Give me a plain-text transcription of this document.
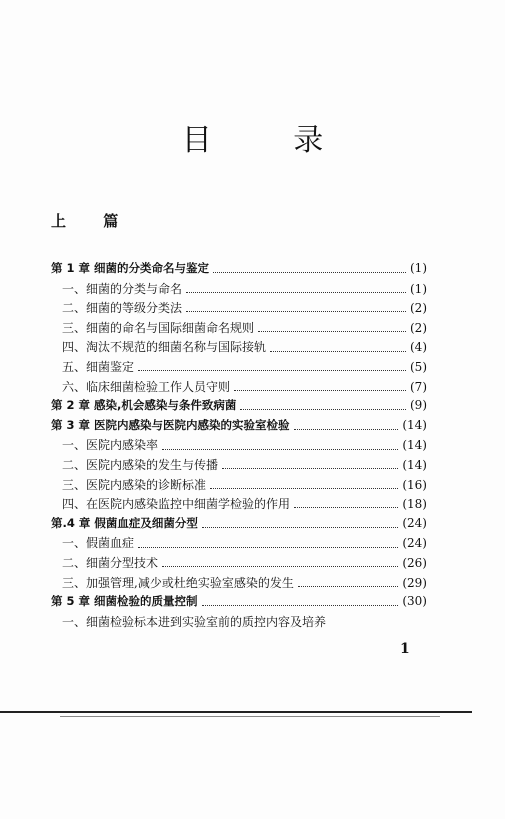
目 录
上 篇
第 1 章 细菌的分类命名与鉴定	(1)
一、细菌的分类与命名	(1)
二、细菌的等级分类法	(2)
三、细菌的命名与国际细菌命名规则	(2)
四、淘汰不规范的细菌名称与国际接轨	(4)
五、细菌鉴定	(5)
六、临床细菌检验工作人员守则	(7)
第 2 章 感染,机会感染与条件致病菌	(9)
第 3 章 医院内感染与医院内感染的实验室检验	(14)
一、医院内感染率	(14)
二、医院内感染的发生与传播	(14)
三、医院内感染的诊断标准	(16)
四、在医院内感染监控中细菌学检验的作用	(18)
第.4 章 假菌血症及细菌分型	(24)
一、假菌血症	(24)
二、细菌分型技术	(26)
三、加强管理,减少或杜绝实验室感染的发生	(29)
第 5 章 细菌检验的质量控制	(30)
一、细菌检验标本进到实验室前的质控内容及培养
1
